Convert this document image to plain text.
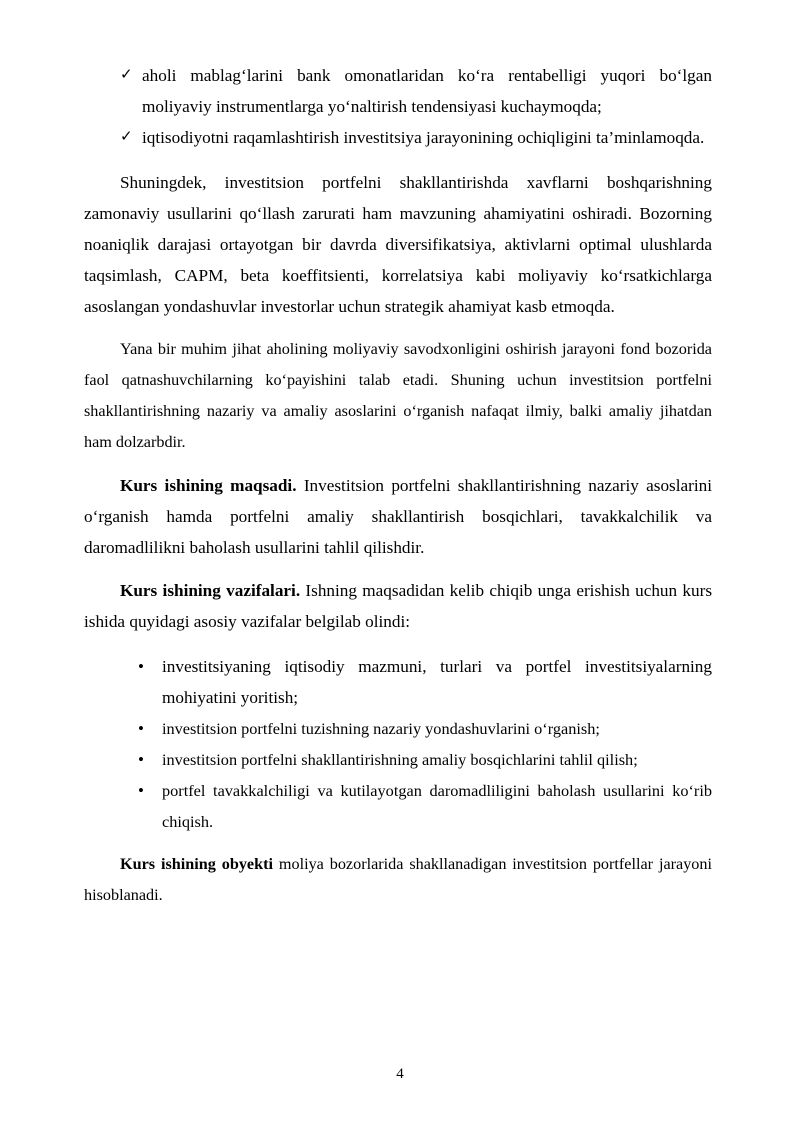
✓ aholi mablag‘larini bank omonatlaridan ko‘ra rentabelligi yuqori bo‘lgan moliyaviy instrumentlarga yo‘naltirish tendensiyasi kuchaymoqda;
✓ iqtisodiyotni raqamlashtirish investitsiya jarayonining ochiqligini ta’minlamoqda.

Shuningdek, investitsion portfelni shakllantirishda xavflarni boshqarishning zamonaviy usullarini qo‘llash zarurati ham mavzuning ahamiyatini oshiradi. Bozorning noaniqlik darajasi ortayotgan bir davrda diversifikatsiya, aktivlarni optimal ulushlarda taqsimlash, CAPM, beta koeffitsienti, korrelatsiya kabi moliyaviy ko‘rsatkichlarga asoslangan yondashuvlar investorlar uchun strategik ahamiyat kasb etmoqda.

Yana bir muhim jihat aholining moliyaviy savodxonligini oshirish jarayoni fond bozorida faol qatnashuvchilarning ko‘payishini talab etadi. Shuning uchun investitsion portfelni shakllantirishning nazariy va amaliy asoslarini o‘rganish nafaqat ilmiy, balki amaliy jihatdan ham dolzarbdir.

Kurs ishining maqsadi. Investitsion portfelni shakllantirishning nazariy asoslarini o‘rganish hamda portfelni amaliy shakllantirish bosqichlari, tavakkalchilik va daromadlilikni baholash usullarini tahlil qilishdir.

Kurs ishining vazifalari. Ishning maqsadidan kelib chiqib unga erishish uchun kurs ishida quyidagi asosiy vazifalar belgilab olindi:

• investitsiyaning iqtisodiy mazmuni, turlari va portfel investitsiyalarning mohiyatini yoritish;
• investitsion portfelni tuzishning nazariy yondashuvlarini o‘rganish;
• investitsion portfelni shakllantirishning amaliy bosqichlarini tahlil qilish;
• portfel tavakkalchiligi va kutilayotgan daromadliligini baholash usullarini ko‘rib chiqish.

Kurs ishining obyekti moliya bozorlarida shakllanadigan investitsion portfellar jarayoni hisoblanadi.

4
